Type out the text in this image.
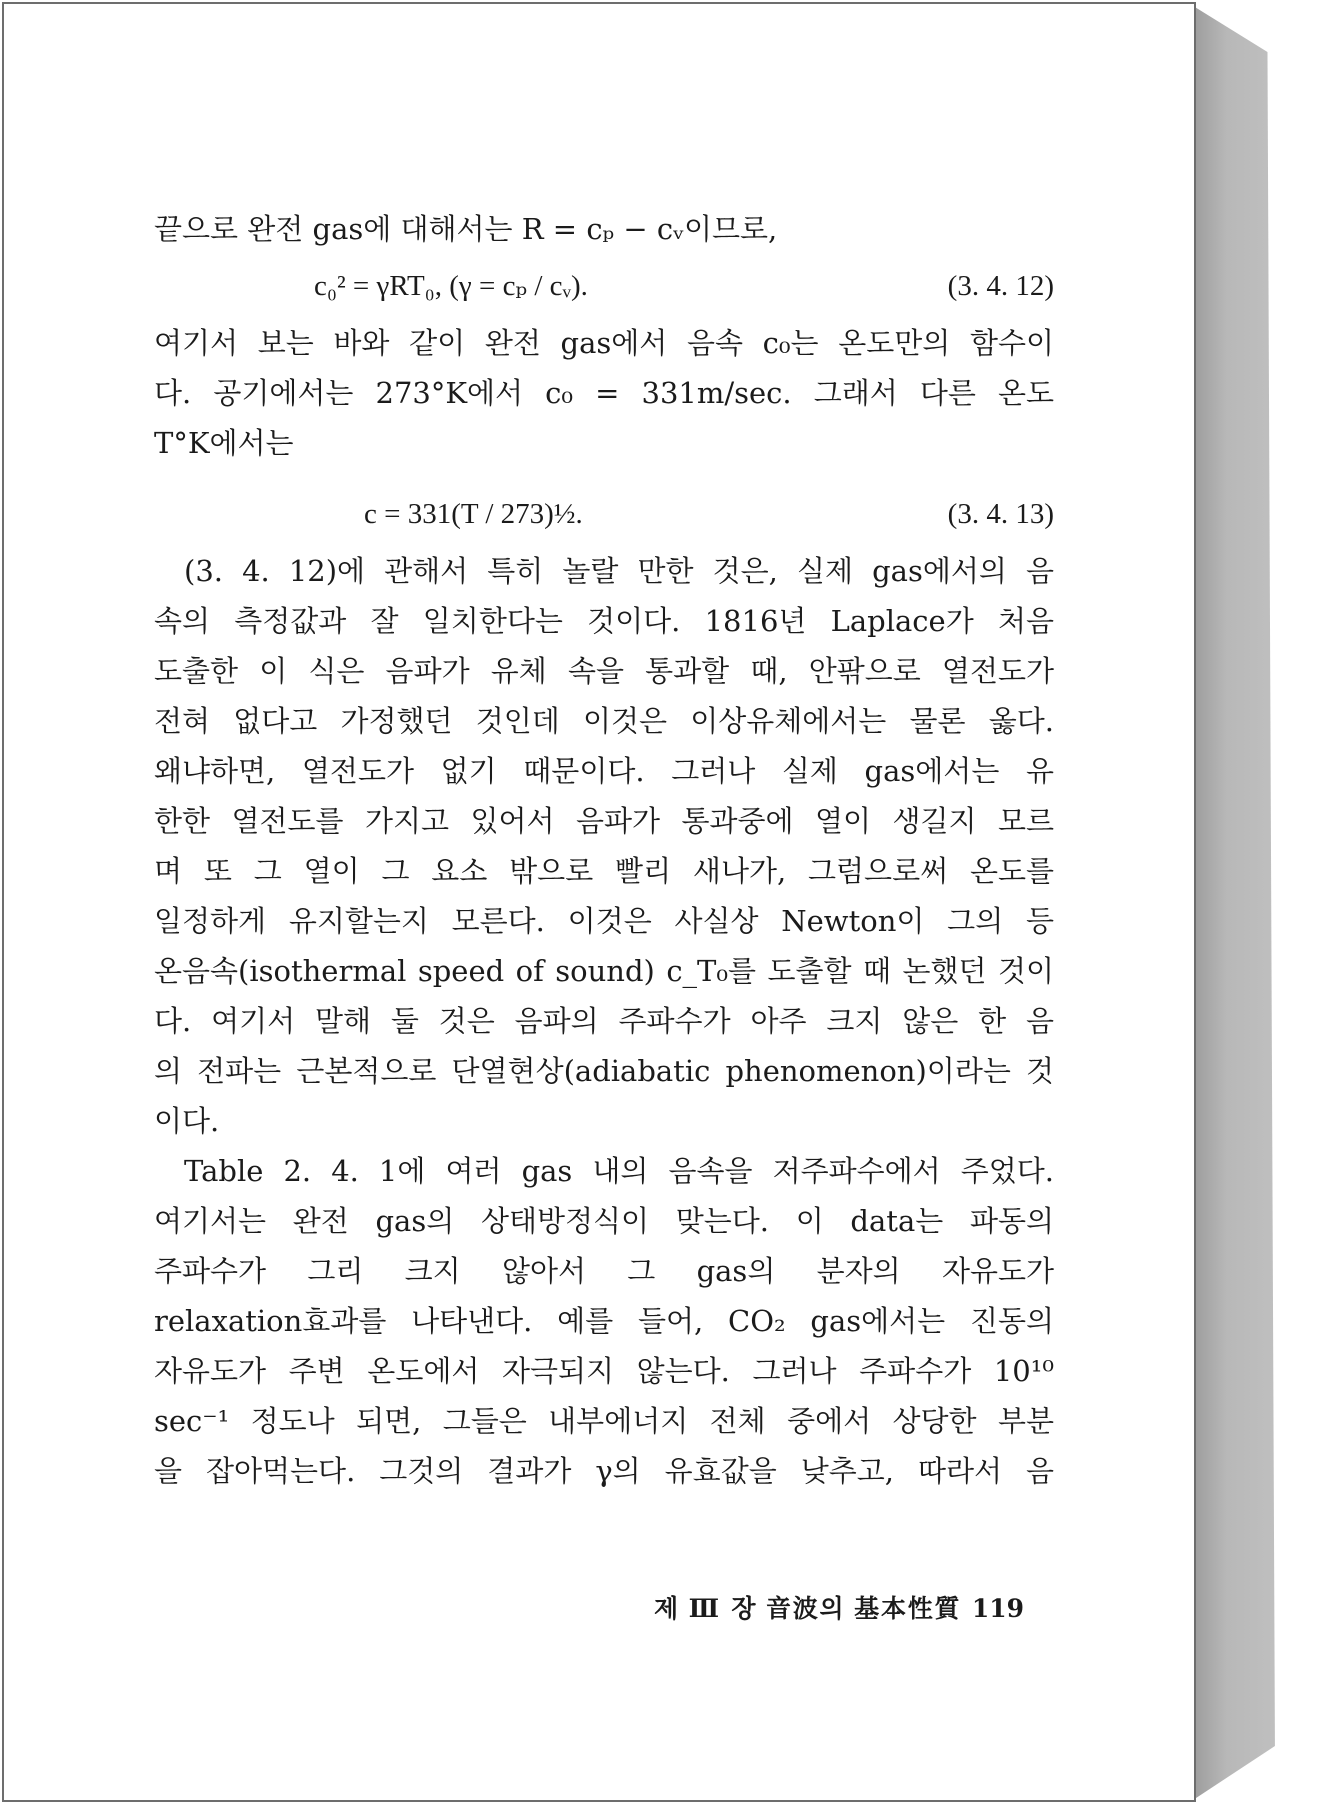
끝으로 완전 gas에 대해서는 R = cₚ − cᵥ이므로,
c₀² = γRT₀, (γ = cₚ / cᵥ).	(3. 4. 12)
여기서 보는 바와 같이 완전 gas에서 음속 c₀는 온도만의 함수이
다. 공기에서는 273°K에서 c₀ = 331m/sec. 그래서 다른 온도
T°K에서는
c = 331(T / 273)½.	(3. 4. 13)
(3. 4. 12)에 관해서 특히 놀랄 만한 것은, 실제 gas에서의 음
속의 측정값과 잘 일치한다는 것이다. 1816년 Laplace가 처음
도출한 이 식은 음파가 유체 속을 통과할 때, 안팎으로 열전도가
전혀 없다고 가정했던 것인데 이것은 이상유체에서는 물론 옳다.
왜냐하면, 열전도가 없기 때문이다. 그러나 실제 gas에서는 유
한한 열전도를 가지고 있어서 음파가 통과중에 열이 생길지 모르
며 또 그 열이 그 요소 밖으로 빨리 새나가, 그럼으로써 온도를
일정하게 유지할는지 모른다. 이것은 사실상 Newton이 그의 등
온음속(isothermal speed of sound) c_T₀를 도출할 때 논했던 것이
다. 여기서 말해 둘 것은 음파의 주파수가 아주 크지 않은 한 음
의 전파는 근본적으로 단열현상(adiabatic phenomenon)이라는 것
이다.
Table 2. 4. 1에 여러 gas 내의 음속을 저주파수에서 주었다.
여기서는 완전 gas의 상태방정식이 맞는다. 이 data는 파동의
주파수가 그리 크지 않아서 그 gas의 분자의 자유도가
relaxation효과를 나타낸다. 예를 들어, CO₂ gas에서는 진동의
자유도가 주변 온도에서 자극되지 않는다. 그러나 주파수가 10¹⁰
sec⁻¹ 정도나 되면, 그들은 내부에너지 전체 중에서 상당한 부분
을 잡아먹는다. 그것의 결과가 γ의 유효값을 낮추고, 따라서 음
제 Ⅲ 장 音波의 基本性質 119
